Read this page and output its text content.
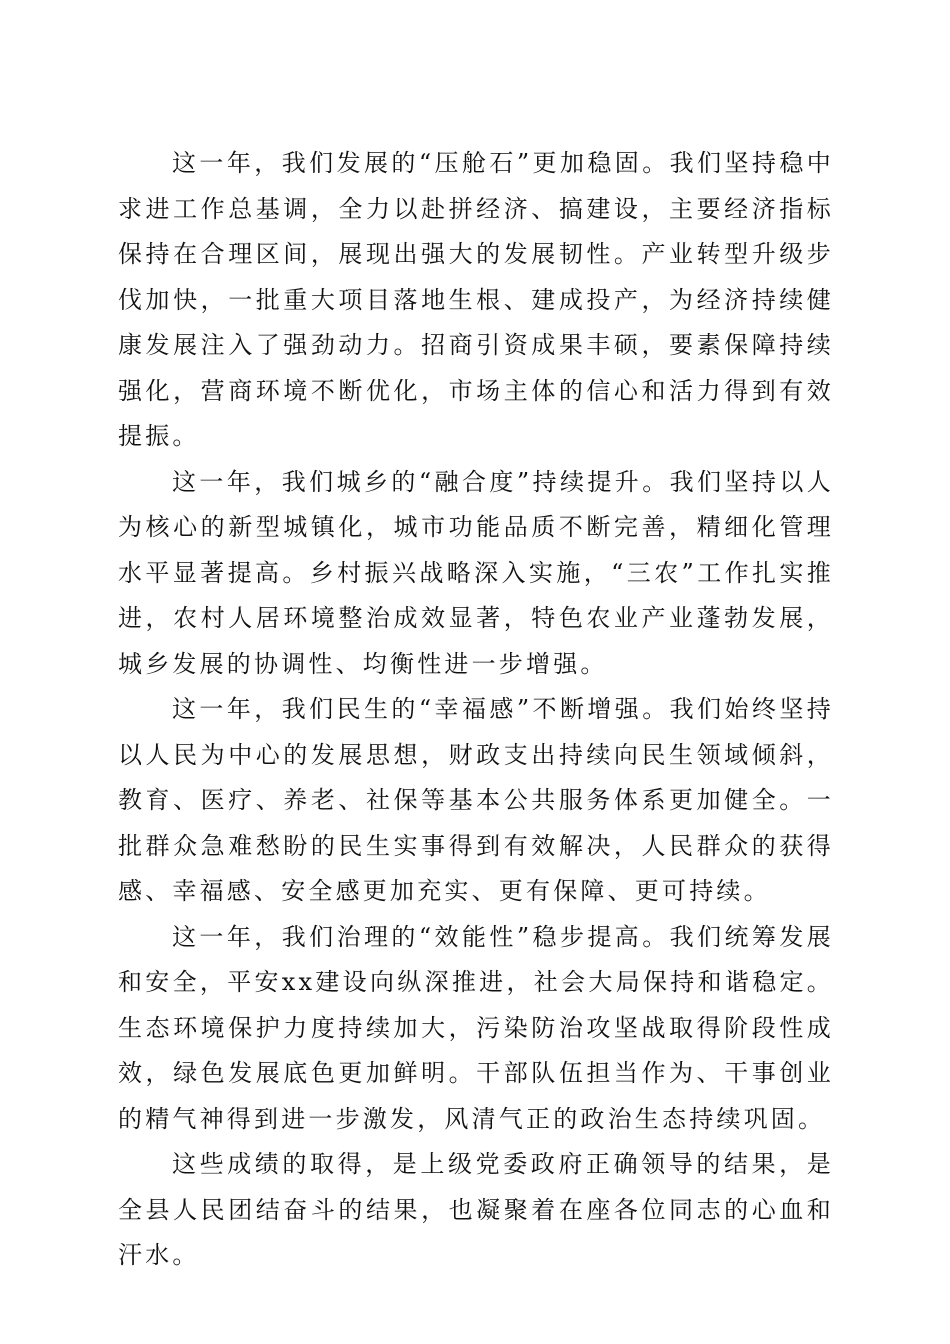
这一年，我们发展的“压舱石”更加稳固。我们坚持稳中求进工作总基调，全力以赴拼经济、搞建设，主要经济指标保持在合理区间，展现出强大的发展韧性。产业转型升级步伐加快，一批重大项目落地生根、建成投产，为经济持续健康发展注入了强劲动力。招商引资成果丰硕，要素保障持续强化，营商环境不断优化，市场主体的信心和活力得到有效提振。

这一年，我们城乡的“融合度”持续提升。我们坚持以人为核心的新型城镇化，城市功能品质不断完善，精细化管理水平显著提高。乡村振兴战略深入实施，“三农”工作扎实推进，农村人居环境整治成效显著，特色农业产业蓬勃发展，城乡发展的协调性、均衡性进一步增强。

这一年，我们民生的“幸福感”不断增强。我们始终坚持以人民为中心的发展思想，财政支出持续向民生领域倾斜，教育、医疗、养老、社保等基本公共服务体系更加健全。一批群众急难愁盼的民生实事得到有效解决，人民群众的获得感、幸福感、安全感更加充实、更有保障、更可持续。

这一年，我们治理的“效能性”稳步提高。我们统筹发展和安全，平安xx建设向纵深推进，社会大局保持和谐稳定。生态环境保护力度持续加大，污染防治攻坚战取得阶段性成效，绿色发展底色更加鲜明。干部队伍担当作为、干事创业的精气神得到进一步激发，风清气正的政治生态持续巩固。

这些成绩的取得，是上级党委政府正确领导的结果，是全县人民团结奋斗的结果，也凝聚着在座各位同志的心血和汗水。
